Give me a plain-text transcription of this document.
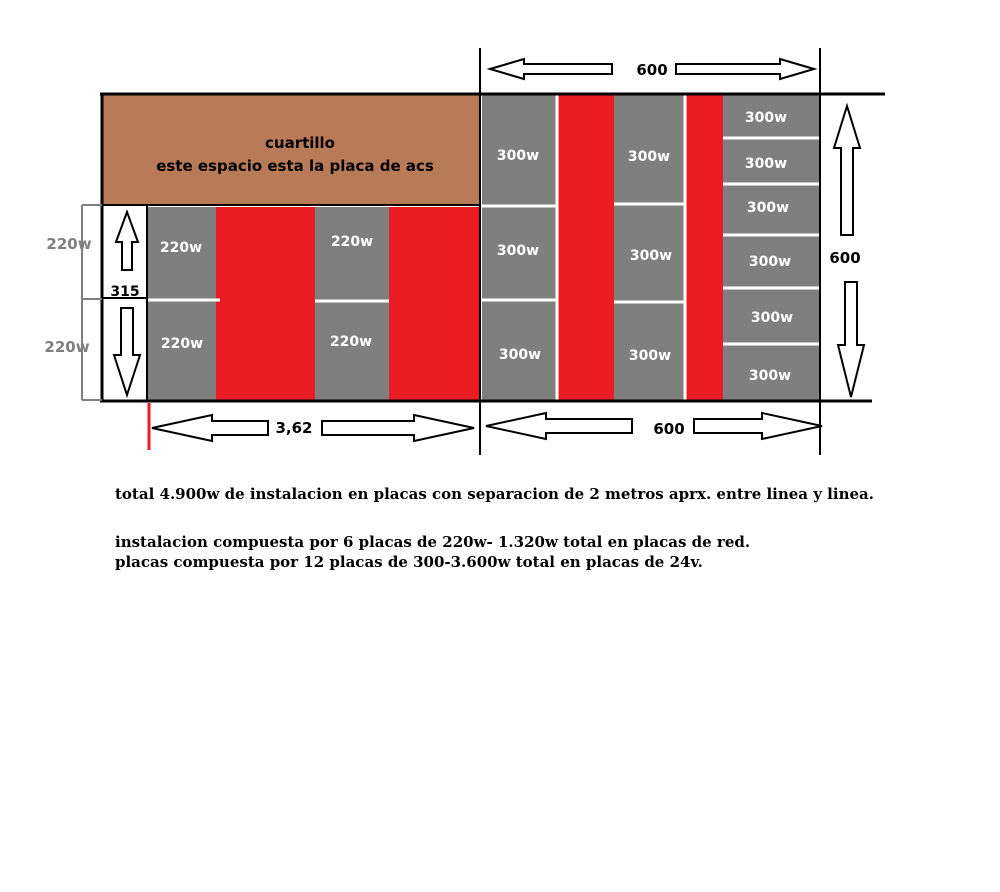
cuartillo
este espacio esta la placa de acs
600
600
3,62	600
315
220w
220w
220w	220w
220w	220w
300w
300w
300w
300w
300w
300w
300w
300w
300w
300w
300w
300w
total 4.900w de instalacion en placas con separacion de 2 metros aprx. entre linea y linea.
instalacion compuesta por 6 placas de 220w- 1.320w total en placas de red.
placas compuesta por 12 placas de 300-3.600w total en placas de 24v.
